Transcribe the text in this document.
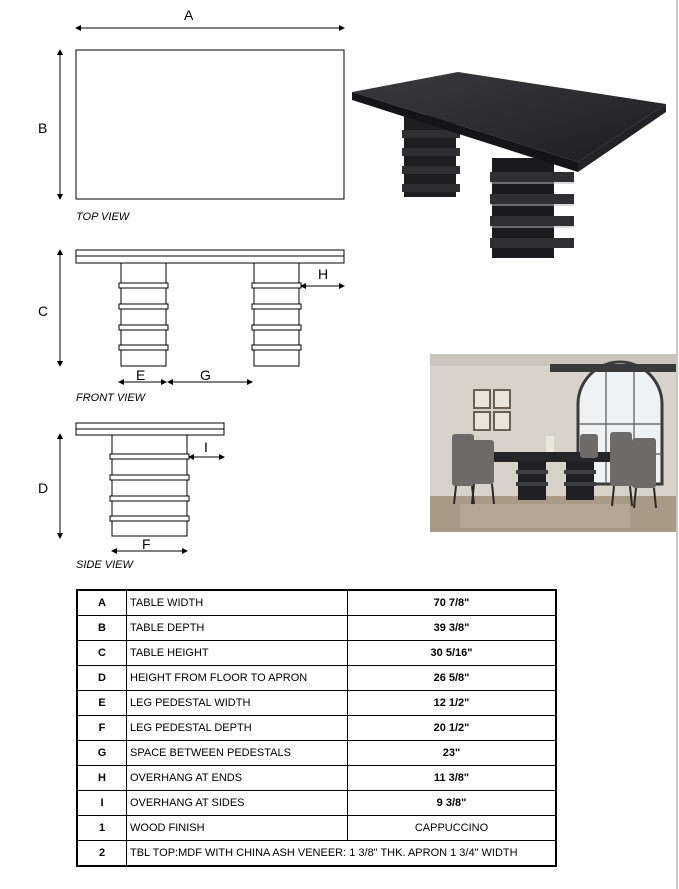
A
B
TOP VIEW
C
H
E	G
FRONT VIEW
D
I
F
SIDE VIEW
A	TABLE WIDTH	70 7/8"
B	TABLE DEPTH	39 3/8"
C	TABLE HEIGHT	30 5/16"
D	HEIGHT FROM FLOOR TO APRON	26 5/8"
E	LEG PEDESTAL WIDTH	12 1/2"
F	LEG PEDESTAL DEPTH	20 1/2"
G	SPACE BETWEEN PEDESTALS	23"
H	OVERHANG AT ENDS	11 3/8"
I	OVERHANG AT SIDES	9 3/8"
1	WOOD FINISH	CAPPUCCINO
2	TBL TOP:MDF WITH CHINA ASH VENEER: 1 3/8" THK. APRON 1 3/4" WIDTH	
